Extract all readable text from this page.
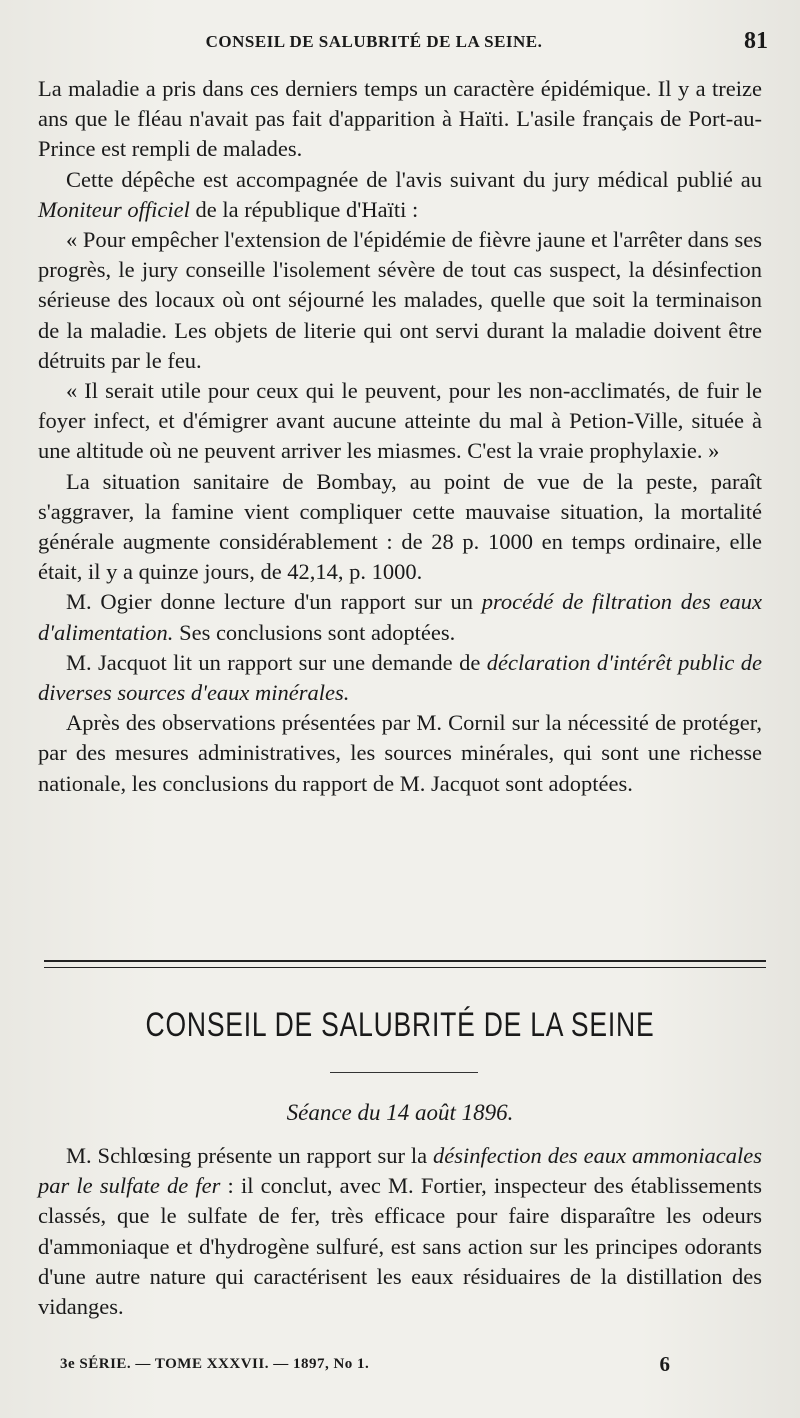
CONSEIL DE SALUBRITÉ DE LA SEINE.	81

La maladie a pris dans ces derniers temps un caractère épidémique. Il y a treize ans que le fléau n'avait pas fait d'apparition à Haïti. L'asile français de Port-au-Prince est rempli de malades.

Cette dépêche est accompagnée de l'avis suivant du jury médical publié au Moniteur officiel de la république d'Haïti :

« Pour empêcher l'extension de l'épidémie de fièvre jaune et l'arrêter dans ses progrès, le jury conseille l'isolement sévère de tout cas suspect, la désinfection sérieuse des locaux où ont séjourné les malades, quelle que soit la terminaison de la maladie. Les objets de literie qui ont servi durant la maladie doivent être détruits par le feu.

« Il serait utile pour ceux qui le peuvent, pour les non-acclimatés, de fuir le foyer infect, et d'émigrer avant aucune atteinte du mal à Petion-Ville, située à une altitude où ne peuvent arriver les miasmes. C'est la vraie prophylaxie. »

La situation sanitaire de Bombay, au point de vue de la peste, paraît s'aggraver, la famine vient compliquer cette mauvaise situation, la mortalité générale augmente considérablement : de 28 p. 1000 en temps ordinaire, elle était, il y a quinze jours, de 42,14, p. 1000.

M. Ogier donne lecture d'un rapport sur un procédé de filtration des eaux d'alimentation. Ses conclusions sont adoptées.

M. Jacquot lit un rapport sur une demande de déclaration d'intérêt public de diverses sources d'eaux minérales.

Après des observations présentées par M. Cornil sur la nécessité de protéger, par des mesures administratives, les sources minérales, qui sont une richesse nationale, les conclusions du rapport de M. Jacquot sont adoptées.

CONSEIL DE SALUBRITÉ DE LA SEINE
Séance du 14 août 1896.

M. Schlœsing présente un rapport sur la désinfection des eaux ammoniacales par le sulfate de fer : il conclut, avec M. Fortier, inspecteur des établissements classés, que le sulfate de fer, très efficace pour faire disparaître les odeurs d'ammoniaque et d'hydrogène sulfuré, est sans action sur les principes odorants d'une autre nature qui caractérisent les eaux résiduaires de la distillation des vidanges.

3e SÉRIE. — TOME XXXVII. — 1897, No 1.	6
